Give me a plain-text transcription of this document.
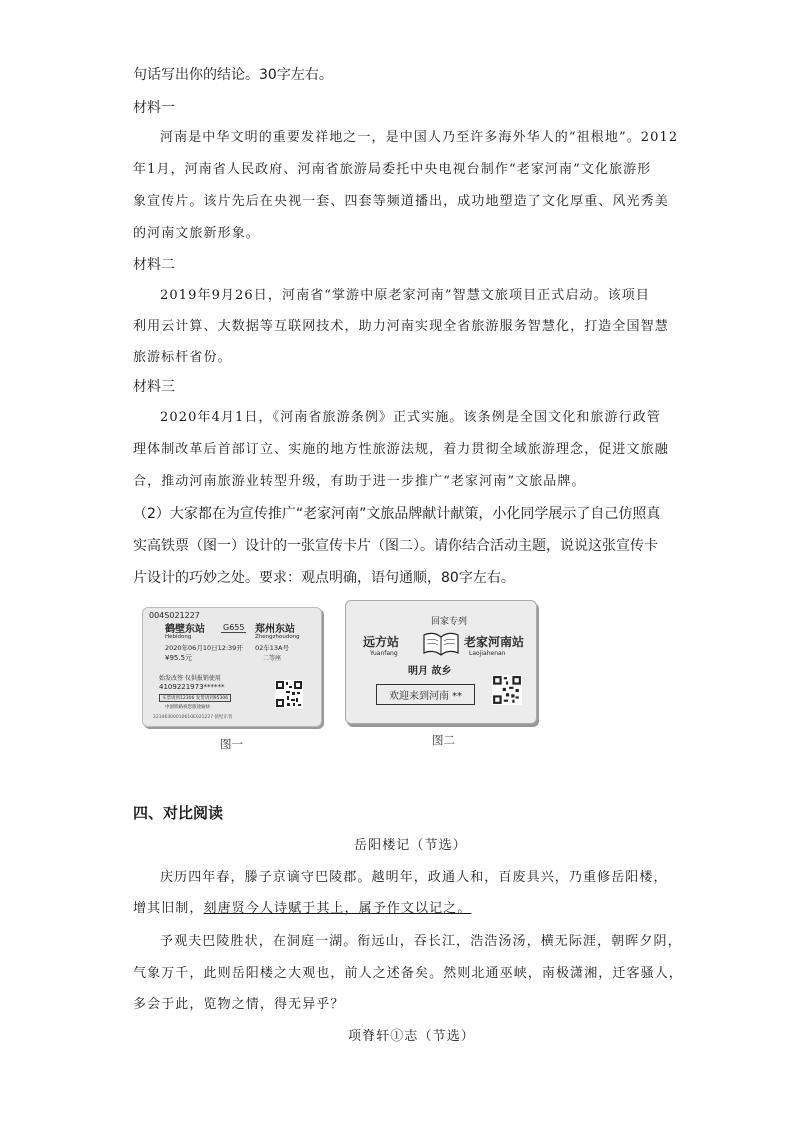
句话写出你的结论。30字左右。
材料一
河南是中华文明的重要发祥地之一，是中国人乃至许多海外华人的“祖根地”。2012
年1月，河南省人民政府、河南省旅游局委托中央电视台制作“老家河南”文化旅游形
象宣传片。该片先后在央视一套、四套等频道播出，成功地塑造了文化厚重、风光秀美
的河南文旅新形象。
材料二
2019年9月26日，河南省“掌游中原老家河南”智慧文旅项目正式启动。该项目
利用云计算、大数据等互联网技术，助力河南实现全省旅游服务智慧化，打造全国智慧
旅游标杆省份。
材料三
2020年4月1日，《河南省旅游条例》正式实施。该条例是全国文化和旅游行政管
理体制改革后首部订立、实施的地方性旅游法规，着力贯彻全域旅游理念，促进文旅融
合，推动河南旅游业转型升级，有助于进一步推广“老家河南”文旅品牌。
（2）大家都在为宣传推广“老家河南”文旅品牌献计献策，小化同学展示了自己仿照真
实高铁票（图一）设计的一张宣传卡片（图二）。请你结合活动主题，说说这张宣传卡
片设计的巧妙之处。要求：观点明确，语句通顺，80字左右。
004S021227
鹤壁东站
Hebidong
G655 郑州东站
Zhengzhoudong
2020年06月10日12:39开 02车13A号
¥95.5元	二等座
始发改签 仅供报销使用
4109221973******
买票请到12306 发货请到95306
中国铁路祝您旅途愉快
22346300010610E021227 鹤壁东售
图一
回家专列
远方站
Yuanfang
老家河南站
Laojiahenan
明月 故乡
欢迎来到河南 **
图二
四、对比阅读
岳阳楼记（节选）
庆历四年春，滕子京谪守巴陵郡。越明年，政通人和，百废具兴，乃重修岳阳楼，
增其旧制，刻唐贤今人诗赋于其上，属予作文以记之。
予观夫巴陵胜状，在洞庭一湖。衔远山，吞长江，浩浩汤汤，横无际涯，朝晖夕阴，
气象万千，此则岳阳楼之大观也，前人之述备矣。然则北通巫峡，南极潇湘，迁客骚人，
多会于此，览物之情，得无异乎？
项脊轩①志（节选）
